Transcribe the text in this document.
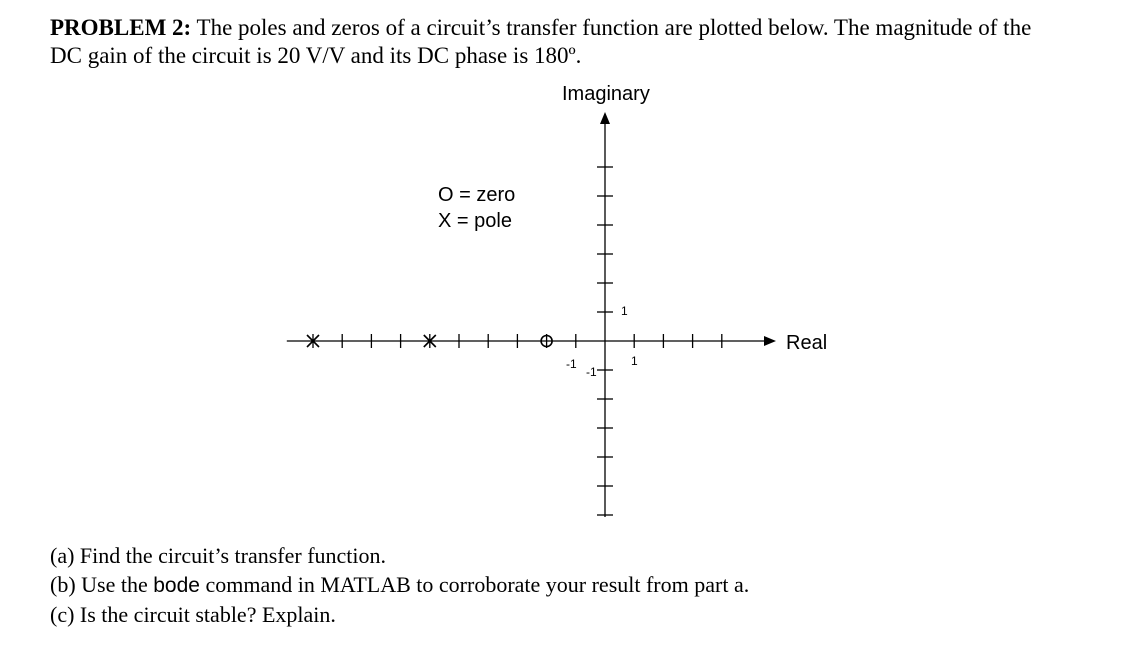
PROBLEM 2: The poles and zeros of a circuit’s transfer function are plotted below. The magnitude of the
DC gain of the circuit is 20 V/V and its DC phase is 180º.
Imaginary
Real
O = zero
X = pole
-1	1
1
-1
(a) Find the circuit’s transfer function.
(b) Use the bode command in MATLAB to corroborate your result from part a.
(c) Is the circuit stable? Explain.
